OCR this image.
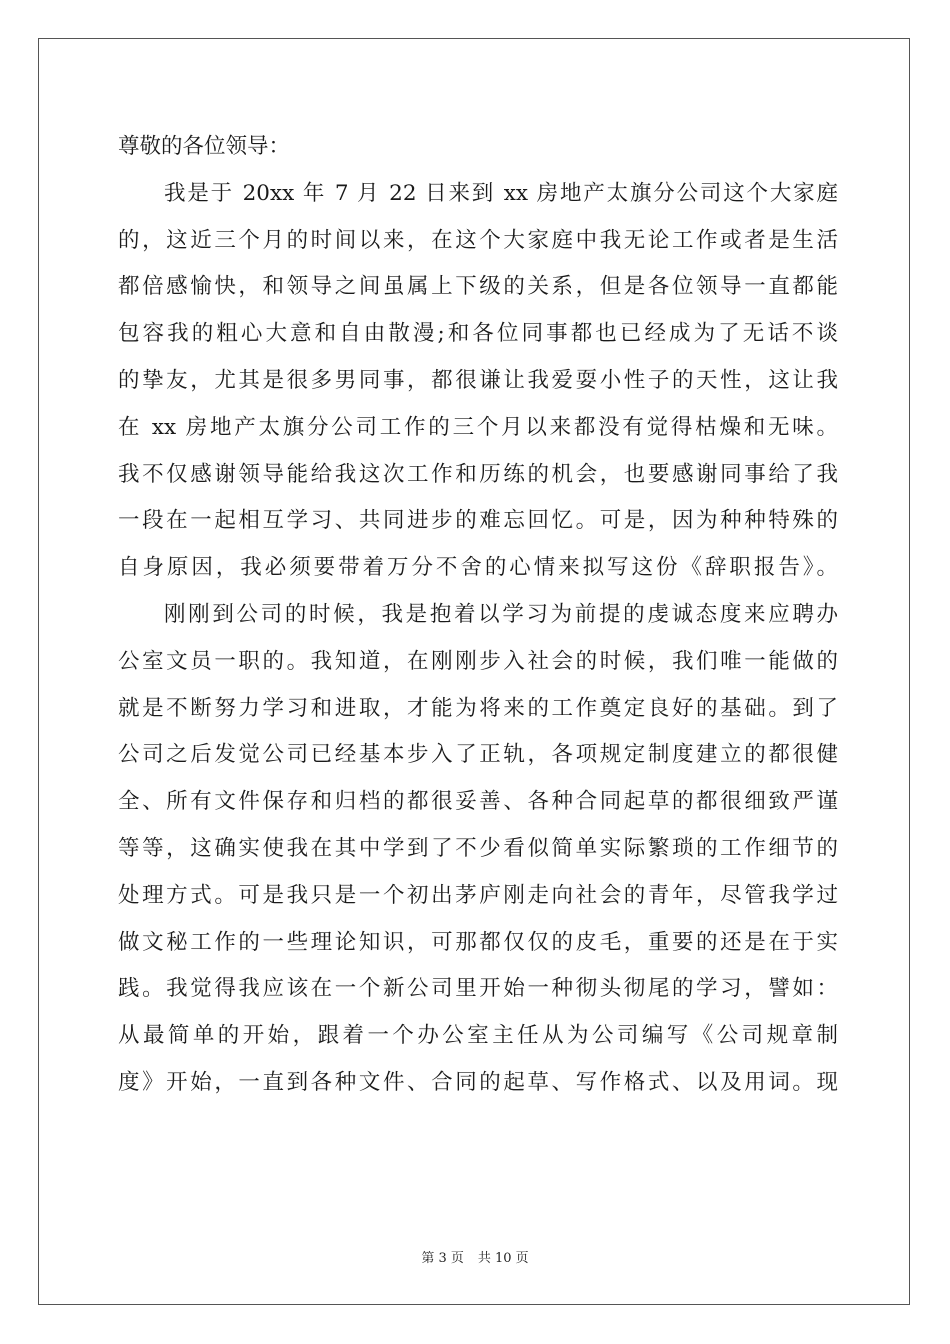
尊敬的各位领导：
我是于 20xx 年 7 月 22 日来到 xx 房地产太旗分公司这个大家庭
的，这近三个月的时间以来，在这个大家庭中我无论工作或者是生活
都倍感愉快，和领导之间虽属上下级的关系，但是各位领导一直都能
包容我的粗心大意和自由散漫;和各位同事都也已经成为了无话不谈
的挚友，尤其是很多男同事，都很谦让我爱耍小性子的天性，这让我
在 xx 房地产太旗分公司工作的三个月以来都没有觉得枯燥和无味。
我不仅感谢领导能给我这次工作和历练的机会，也要感谢同事给了我
一段在一起相互学习、共同进步的难忘回忆。可是，因为种种特殊的
自身原因，我必须要带着万分不舍的心情来拟写这份《辞职报告》。
刚刚到公司的时候，我是抱着以学习为前提的虔诚态度来应聘办
公室文员一职的。我知道，在刚刚步入社会的时候，我们唯一能做的
就是不断努力学习和进取，才能为将来的工作奠定良好的基础。到了
公司之后发觉公司已经基本步入了正轨，各项规定制度建立的都很健
全、所有文件保存和归档的都很妥善、各种合同起草的都很细致严谨
等等，这确实使我在其中学到了不少看似简单实际繁琐的工作细节的
处理方式。可是我只是一个初出茅庐刚走向社会的青年，尽管我学过
做文秘工作的一些理论知识，可那都仅仅的皮毛，重要的还是在于实
践。我觉得我应该在一个新公司里开始一种彻头彻尾的学习，譬如：
从最简单的开始，跟着一个办公室主任从为公司编写《公司规章制
度》开始，一直到各种文件、合同的起草、写作格式、以及用词。现
第 3 页 共 10 页
